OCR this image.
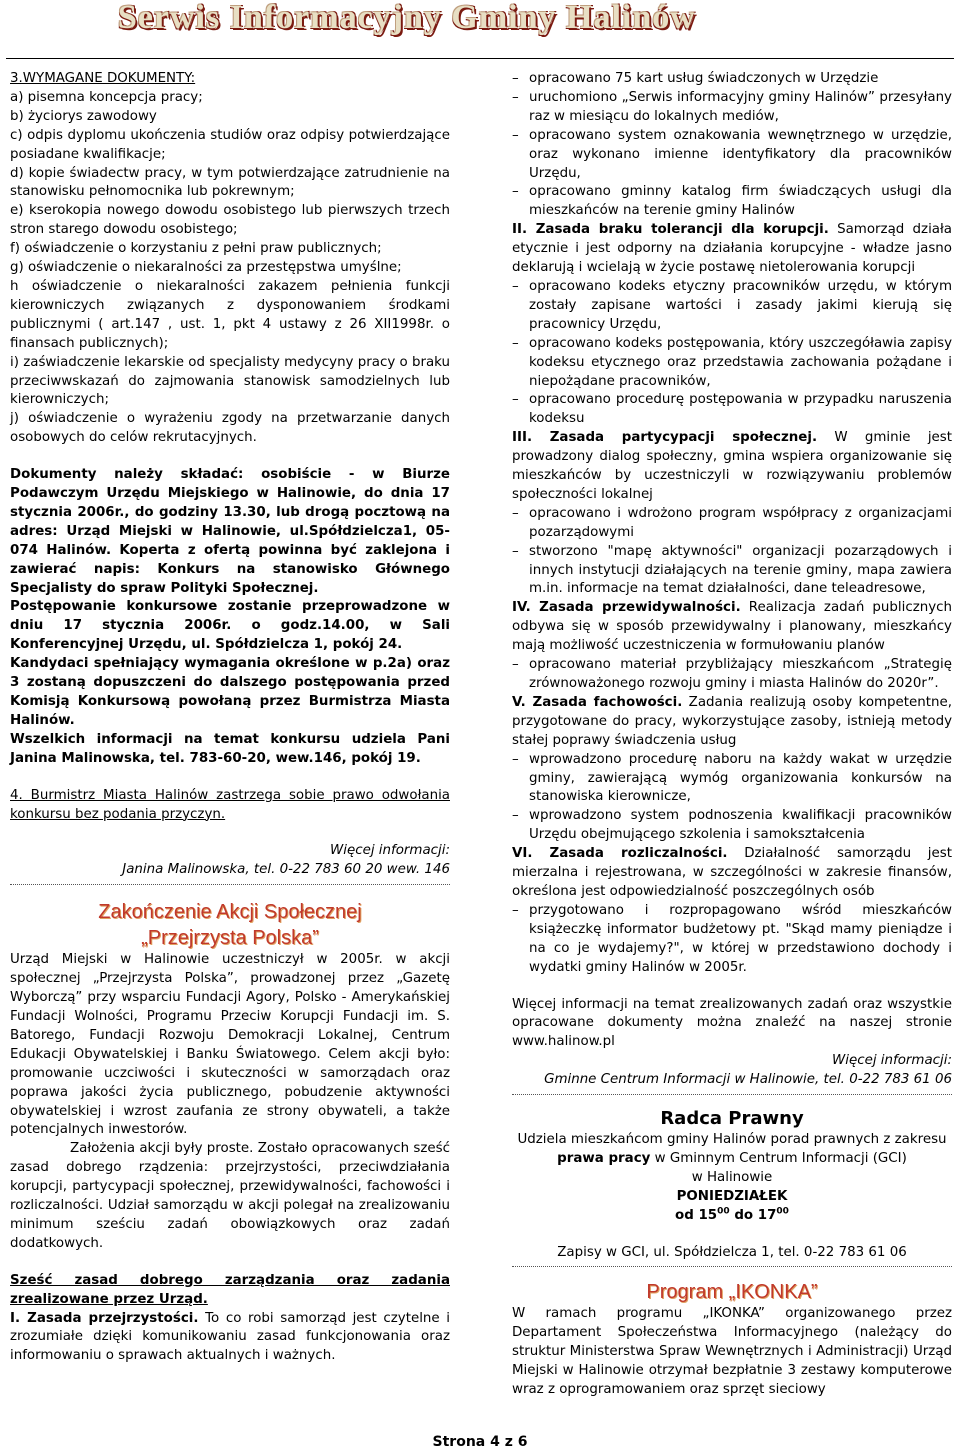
Serwis Informacyjny Gminy Halinów

3.WYMAGANE DOKUMENTY:

a) pisemna koncepcja pracy;

b) życiorys zawodowy

c) odpis dyplomu ukończenia studiów oraz odpisy potwierdzające posiadane kwalifikacje;

d) kopie świadectw pracy, w tym potwierdzające zatrudnienie na stanowisku pełnomocnika lub pokrewnym;

e) kserokopia nowego dowodu osobistego lub pierwszych trzech stron starego dowodu osobistego;

f) oświadczenie o korzystaniu z pełni praw publicznych;

g) oświadczenie o niekaralności za przestępstwa umyślne;

h oświadczenie o niekaralności zakazem pełnienia funkcji kierowniczych związanych z dysponowaniem środkami publicznymi ( art.147 , ust. 1, pkt 4 ustawy z 26 XII1998r. o finansach publicznych);

i) zaświadczenie lekarskie od specjalisty medycyny pracy o braku przeciwwskazań do zajmowania stanowisk samodzielnych lub kierowniczych;

j) oświadczenie o wyrażeniu zgody na przetwarzanie danych osobowych do celów rekrutacyjnych.

Dokumenty należy składać: osobiście - w Biurze Podawczym Urzędu Miejskiego w Halinowie, do dnia 17 stycznia 2006r., do godziny 13.30, lub drogą pocztową na adres: Urząd Miejski w Halinowie, ul.Spółdzielcza1, 05-074 Halinów. Koperta z ofertą powinna być zaklejona i zawierać napis: Konkurs na stanowisko Głównego Specjalisty do spraw Polityki Społecznej.

Postępowanie konkursowe zostanie przeprowadzone w dniu 17 stycznia 2006r. o godz.14.00, w Sali Konferencyjnej Urzędu, ul. Spółdzielcza 1, pokój 24.

Kandydaci spełniający wymagania określone w p.2a) oraz 3 zostaną dopuszczeni do dalszego postępowania przed Komisją Konkursową powołaną przez Burmistrza Miasta Halinów.

Wszelkich informacji na temat konkursu udziela Pani Janina Malinowska, tel. 783-60-20, wew.146, pokój 19.

4. Burmistrz Miasta Halinów zastrzega sobie prawo odwołania konkursu bez podania przyczyn.

Więcej informacji:

Janina Malinowska, tel. 0-22 783 60 20 wew. 146

Zakończenie Akcji Społecznej

„Przejrzysta Polska”

Urząd Miejski w Halinowie uczestniczył w 2005r. w akcji społecznej „Przejrzysta Polska”, prowadzonej przez „Gazetę Wyborczą” przy wsparciu Fundacji Agory, Polsko - Amerykańskiej Fundacji Wolności, Programu Przeciw Korupcji Fundacji im. S. Batorego, Fundacji Rozwoju Demokracji Lokalnej, Centrum Edukacji Obywatelskiej i Banku Światowego. Celem akcji było: promowanie uczciwości i skuteczności w samorządach oraz poprawa jakości życia publicznego, pobudzenie aktywności obywatelskiej i wzrost zaufania ze strony obywateli, a także potencjalnych inwestorów.

Założenia akcji były proste. Zostało opracowanych sześć zasad dobrego rządzenia: przejrzystości, przeciwdziałania korupcji, partycypacji społecznej, przewidywalności, fachowości i rozliczalności. Udział samorządu w akcji polegał na zrealizowaniu minimum sześciu zadań obowiązkowych oraz zadań dodatkowych.

Sześć zasad dobrego zarządzania oraz zadania zrealizowane przez Urząd.

I. Zasada przejrzystości. To co robi samorząd jest czytelne i zrozumiałe dzięki komunikowaniu zasad funkcjonowania oraz informowaniu o sprawach aktualnych i ważnych.

– opracowano 75 kart usług świadczonych w Urzędzie
– uruchomiono „Serwis informacyjny gminy Halinów” przesyłany raz w miesiącu do lokalnych mediów,
– opracowano system oznakowania wewnętrznego w urzędzie, oraz wykonano imienne identyfikatory dla pracowników Urzędu,
– opracowano gminny katalog firm świadczących usługi dla mieszkańców na terenie gminy Halinów

II. Zasada braku tolerancji dla korupcji. Samorząd działa etycznie i jest odporny na działania korupcyjne - władze jasno deklarują i wcielają w życie postawę nietolerowania korupcji

– opracowano kodeks etyczny pracowników urzędu, w którym zostały zapisane wartości i zasady jakimi kierują się pracownicy Urzędu,
– opracowano kodeks postępowania, który uszczegóławia zapisy kodeksu etycznego oraz przedstawia zachowania pożądane i niepożądane pracowników,
– opracowano procedurę postępowania w przypadku naruszenia kodeksu

III. Zasada partycypacji społecznej. W gminie jest prowadzony dialog społeczny, gmina wspiera organizowanie się mieszkańców by uczestniczyli w rozwiązywaniu problemów społeczności lokalnej

– opracowano i wdrożono program współpracy z organizacjami pozarządowymi
– stworzono "mapę aktywności" organizacji pozarządowych i innych instytucji działających na terenie gminy, mapa zawiera m.in. informacje na temat działalności, dane teleadresowe,

IV. Zasada przewidywalności. Realizacja zadań publicznych odbywa się w sposób przewidywalny i planowany, mieszkańcy mają możliwość uczestniczenia w formułowaniu planów

– opracowano materiał przybliżający mieszkańcom „Strategię zrównoważonego rozwoju gminy i miasta Halinów do 2020r”.

V. Zasada fachowości. Zadania realizują osoby kompetentne, przygotowane do pracy, wykorzystujące zasoby, istnieją metody stałej poprawy świadczenia usług

– wprowadzono procedurę naboru na każdy wakat w urzędzie gminy, zawierającą wymóg organizowania konkursów na stanowiska kierownicze,
– wprowadzono system podnoszenia kwalifikacji pracowników Urzędu obejmującego szkolenia i samokształcenia

VI. Zasada rozliczalności. Działalność samorządu jest mierzalna i rejestrowana, w szczególności w zakresie finansów, określona jest odpowiedzialność poszczególnych osób

– przygotowano i rozpropagowano wśród mieszkańców książeczkę informator budżetowy pt. "Skąd mamy pieniądze i na co je wydajemy?", w której w przedstawiono dochody i wydatki gminy Halinów w 2005r.

Więcej informacji na temat zrealizowanych zadań oraz wszystkie opracowane dokumenty można znaleźć na naszej stronie www.halinow.pl

Więcej informacji:

Gminne Centrum Informacji w Halinowie, tel. 0-22 783 61 06

Radca Prawny

Udziela mieszkańcom gminy Halinów porad prawnych z zakresu

prawa pracy w Gminnym Centrum Informacji (GCI)

w Halinowie

PONIEDZIAŁEK

od $15^{00}$ do $17^{00}$

Zapisy w GCI, ul. Spółdzielcza 1, tel. 0-22 783 61 06

Program „IKONKA”

W ramach programu „IKONKA” organizowanego przez Departament Społeczeństwa Informacyjnego (należący do struktur Ministerstwa Spraw Wewnętrznych i Administracji) Urząd Miejski w Halinowie otrzymał bezpłatnie 3 zestawy komputerowe wraz z oprogramowaniem oraz sprzęt sieciowy

Strona 4 z 6
